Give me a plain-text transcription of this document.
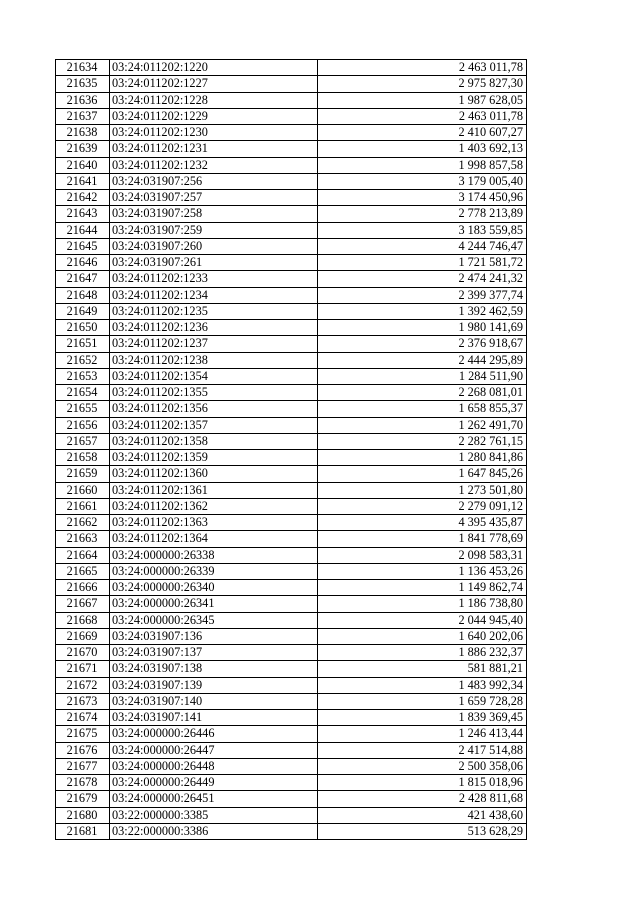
21634	03:24:011202:1220	2 463 011,78
21635	03:24:011202:1227	2 975 827,30
21636	03:24:011202:1228	1 987 628,05
21637	03:24:011202:1229	2 463 011,78
21638	03:24:011202:1230	2 410 607,27
21639	03:24:011202:1231	1 403 692,13
21640	03:24:011202:1232	1 998 857,58
21641	03:24:031907:256	3 179 005,40
21642	03:24:031907:257	3 174 450,96
21643	03:24:031907:258	2 778 213,89
21644	03:24:031907:259	3 183 559,85
21645	03:24:031907:260	4 244 746,47
21646	03:24:031907:261	1 721 581,72
21647	03:24:011202:1233	2 474 241,32
21648	03:24:011202:1234	2 399 377,74
21649	03:24:011202:1235	1 392 462,59
21650	03:24:011202:1236	1 980 141,69
21651	03:24:011202:1237	2 376 918,67
21652	03:24:011202:1238	2 444 295,89
21653	03:24:011202:1354	1 284 511,90
21654	03:24:011202:1355	2 268 081,01
21655	03:24:011202:1356	1 658 855,37
21656	03:24:011202:1357	1 262 491,70
21657	03:24:011202:1358	2 282 761,15
21658	03:24:011202:1359	1 280 841,86
21659	03:24:011202:1360	1 647 845,26
21660	03:24:011202:1361	1 273 501,80
21661	03:24:011202:1362	2 279 091,12
21662	03:24:011202:1363	4 395 435,87
21663	03:24:011202:1364	1 841 778,69
21664	03:24:000000:26338	2 098 583,31
21665	03:24:000000:26339	1 136 453,26
21666	03:24:000000:26340	1 149 862,74
21667	03:24:000000:26341	1 186 738,80
21668	03:24:000000:26345	2 044 945,40
21669	03:24:031907:136	1 640 202,06
21670	03:24:031907:137	1 886 232,37
21671	03:24:031907:138	581 881,21
21672	03:24:031907:139	1 483 992,34
21673	03:24:031907:140	1 659 728,28
21674	03:24:031907:141	1 839 369,45
21675	03:24:000000:26446	1 246 413,44
21676	03:24:000000:26447	2 417 514,88
21677	03:24:000000:26448	2 500 358,06
21678	03:24:000000:26449	1 815 018,96
21679	03:24:000000:26451	2 428 811,68
21680	03:22:000000:3385	421 438,60
21681	03:22:000000:3386	513 628,29
